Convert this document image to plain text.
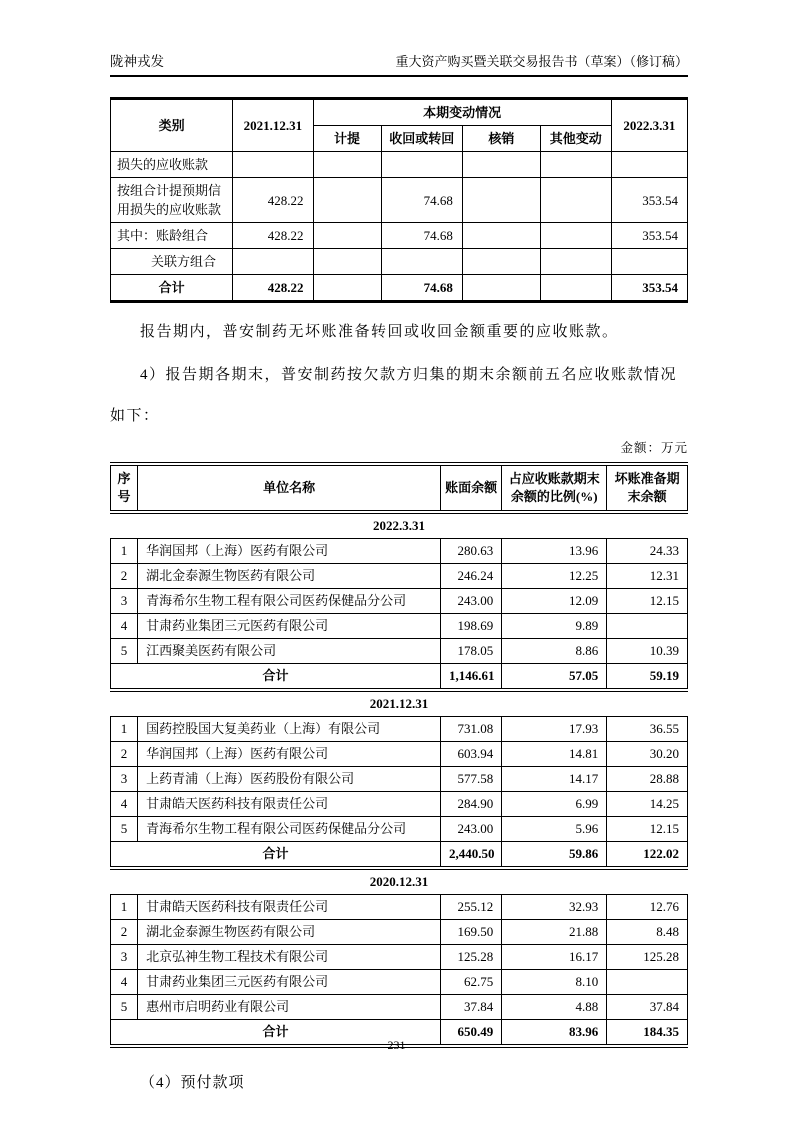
陇神戎发	重大资产购买暨关联交易报告书（草案）（修订稿）
类别	2021.12.31	本期变动情况				2022.3.31
		计提	收回或转回	核销	其他变动	
损失的应收账款						
按组合计提预期信用损失的应收账款	428.22		74.68			353.54
其中：账龄组合	428.22		74.68			353.54
关联方组合						
合计	428.22		74.68			353.54

报告期内，普安制药无坏账准备转回或收回金额重要的应收账款。

4）报告期各期末，普安制药按欠款方归集的期末余额前五名应收账款情况
如下：
金额：万元
序号	单位名称	账面余额	占应收账款期末余额的比例(%)	坏账准备期末余额
2022.3.31				
1	华润国邦（上海）医药有限公司	280.63	13.96	24.33
2	湖北金泰源生物医药有限公司	246.24	12.25	12.31
3	青海希尔生物工程有限公司医药保健品分公司	243.00	12.09	12.15
4	甘肃药业集团三元医药有限公司	198.69	9.89	
5	江西聚美医药有限公司	178.05	8.86	10.39
合计		1,146.61	57.05	59.19
2021.12.31				
1	国药控股国大复美药业（上海）有限公司	731.08	17.93	36.55
2	华润国邦（上海）医药有限公司	603.94	14.81	30.20
3	上药青浦（上海）医药股份有限公司	577.58	14.17	28.88
4	甘肃皓天医药科技有限责任公司	284.90	6.99	14.25
5	青海希尔生物工程有限公司医药保健品分公司	243.00	5.96	12.15
合计		2,440.50	59.86	122.02
2020.12.31				
1	甘肃皓天医药科技有限责任公司	255.12	32.93	12.76
2	湖北金泰源生物医药有限公司	169.50	21.88	8.48
3	北京弘神生物工程技术有限公司	125.28	16.17	125.28
4	甘肃药业集团三元医药有限公司	62.75	8.10	
5	惠州市启明药业有限公司	37.84	4.88	37.84
合计		650.49	83.96	184.35
（4）预付款项
231
